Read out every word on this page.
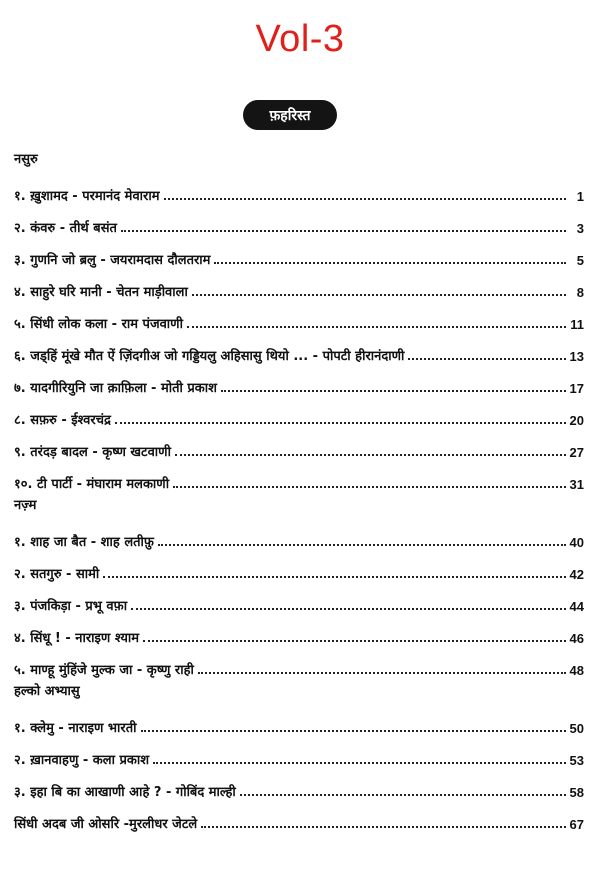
Vol-3
फ़हरिस्त
नसुरु
१. ख़ुशामद - परमानंद मेवाराम	1
२. कंवरु - तीर्थ बसंत	3
३. गुणनि जो ब्रलु - जयरामदास दौलतराम	5
४. साहुरे घरि मानी - चेतन माड़ीवाला	8
५. सिंधी लोक कला - राम पंजवाणी	11
६. जड्हिं मूंखे मौत ऐं ज़िंदगीअ जो गड्डियलु अहिसासु थियो ... - पोपटी हीरानंदाणी	13
७. यादगीरियुनि जा क़ाफ़िला - मोती प्रकाश	17
८. सफ़रु - ईश्वरचंद्र	20
९. तरंदड़ बादल - कृष्ण खटवाणी	27
१०. टी पार्टी - मंघाराम मलकाणी	31
नज़्म
१. शाह जा बैत - शाह लतीफ़ु	40
२. सतगुरु - सामी	42
३. पंजकिड़ा - प्रभू वफ़ा	44
४. सिंधू ! - नाराइण श्याम	46
५. माण्हू मुंहिंजे मुल्क जा - कृष्णु राही	48
हल्को अभ्यासु
१. क्लेमु - नाराइण भारती	50
२. ख़ानवाहणु - कला प्रकाश	53
३. इहा बि का आखाणी आहे ? - गोबिंद माल्ही	58
सिंधी अदब जी ओसरि -मुरलीधर जेटले	67
